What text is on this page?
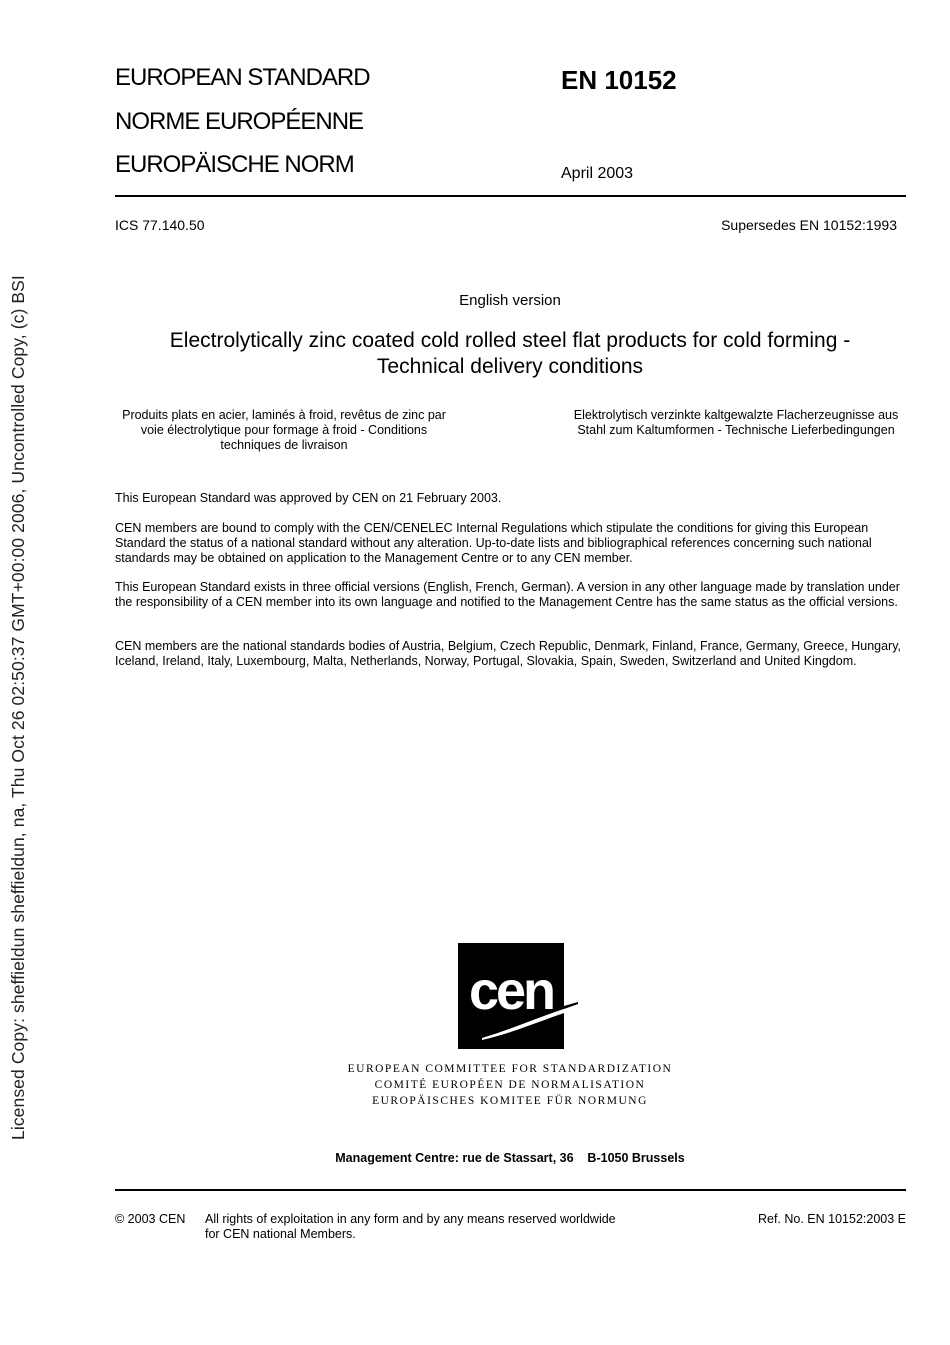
Licensed Copy: sheffieldun sheffieldun, na, Thu Oct 26 02:50:37 GMT+00:00 2006, Uncontrolled Copy, (c) BSI
EUROPEAN STANDARD
NORME EUROPÉENNE
EUROPÄISCHE NORM
EN 10152
April 2003
ICS 77.140.50	Supersedes EN 10152:1993
English version
Electrolytically zinc coated cold rolled steel flat products for cold forming - Technical delivery conditions
Produits plats en acier, laminés à froid, revêtus de zinc par voie électrolytique pour formage à froid - Conditions techniques de livraison
Elektrolytisch verzinkte kaltgewalzte Flacherzeugnisse aus Stahl zum Kaltumformen - Technische Lieferbedingungen
This European Standard was approved by CEN on 21 February 2003.
CEN members are bound to comply with the CEN/CENELEC Internal Regulations which stipulate the conditions for giving this European Standard the status of a national standard without any alteration. Up-to-date lists and bibliographical references concerning such national standards may be obtained on application to the Management Centre or to any CEN member.
This European Standard exists in three official versions (English, French, German). A version in any other language made by translation under the responsibility of a CEN member into its own language and notified to the Management Centre has the same status as the official versions.
CEN members are the national standards bodies of Austria, Belgium, Czech Republic, Denmark, Finland, France, Germany, Greece, Hungary, Iceland, Ireland, Italy, Luxembourg, Malta, Netherlands, Norway, Portugal, Slovakia, Spain, Sweden, Switzerland and United Kingdom.
cen
EUROPEAN COMMITTEE FOR STANDARDIZATION
COMITÉ EUROPÉEN DE NORMALISATION
EUROPÄISCHES KOMITEE FÜR NORMUNG
Management Centre: rue de Stassart, 36    B-1050 Brussels
© 2003 CEN All rights of exploitation in any form and by any means reserved worldwide for CEN national Members.
Ref. No. EN 10152:2003 E
